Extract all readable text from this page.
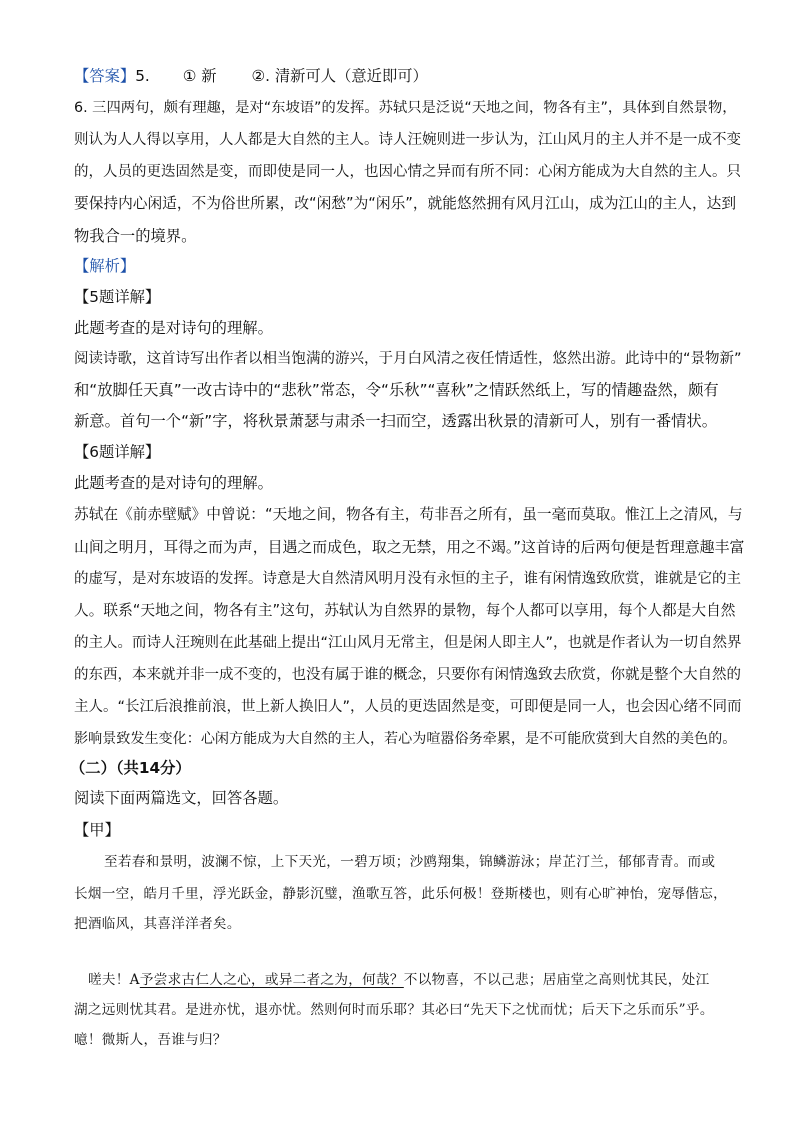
【答案】5. ① 新 ②. 清新可人（意近即可）
6. 三四两句，颇有理趣，是对“东坡语”的发挥。苏轼只是泛说“天地之间，物各有主”，具体到自然景物，
则认为人人得以享用，人人都是大自然的主人。诗人汪婉则进一步认为，江山风月的主人并不是一成不变
的，人员的更迭固然是变，而即使是同一人，也因心情之异而有所不同：心闲方能成为大自然的主人。只
要保持内心闲适，不为俗世所累，改“闲愁”为“闲乐”，就能悠然拥有风月江山，成为江山的主人，达到
物我合一的境界。
【解析】
【5题详解】
此题考查的是对诗句的理解。
阅读诗歌，这首诗写出作者以相当饱满的游兴，于月白风清之夜任情适性，悠然出游。此诗中的“景物新”
和“放脚任天真”一改古诗中的“悲秋”常态，令“乐秋”“喜秋”之情跃然纸上，写的情趣盎然，颇有
新意。首句一个“新”字，将秋景萧瑟与肃杀一扫而空，透露出秋景的清新可人，别有一番情状。
【6题详解】
此题考查的是对诗句的理解。
苏轼在《前赤壁赋》中曾说：“天地之间，物各有主，苟非吾之所有，虽一毫而莫取。惟江上之清风，与
山间之明月，耳得之而为声，目遇之而成色，取之无禁，用之不竭。”这首诗的后两句便是哲理意趣丰富
的虚写，是对东坡语的发挥。诗意是大自然清风明月没有永恒的主子，谁有闲情逸致欣赏，谁就是它的主
人。联系“天地之间，物各有主”这句，苏轼认为自然界的景物，每个人都可以享用，每个人都是大自然
的主人。而诗人汪琬则在此基础上提出“江山风月无常主，但是闲人即主人”，也就是作者认为一切自然界
的东西，本来就并非一成不变的，也没有属于谁的概念，只要你有闲情逸致去欣赏，你就是整个大自然的
主人。“长江后浪推前浪，世上新人换旧人”，人员的更迭固然是变，可即便是同一人，也会因心绪不同而
影响景致发生变化：心闲方能成为大自然的主人，若心为喧嚣俗务牵累，是不可能欣赏到大自然的美色的。
（二）（共14分）
阅读下面两篇选文，回答各题。
【甲】
至若春和景明，波澜不惊，上下天光，一碧万顷；沙鸥翔集，锦鳞游泳；岸芷汀兰，郁郁青青。而或
长烟一空，皓月千里，浮光跃金，静影沉璧，渔歌互答，此乐何极！登斯楼也，则有心旷神怡，宠辱偕忘，
把酒临风，其喜洋洋者矣。
嗟夫！A予尝求古仁人之心，或异二者之为，何哉？不以物喜，不以己悲；居庙堂之高则忧其民，处江
湖之远则忧其君。是进亦忧，退亦忧。然则何时而乐耶？其必曰“先天下之忧而忧；后天下之乐而乐”乎。
噫！微斯人，吾谁与归？
